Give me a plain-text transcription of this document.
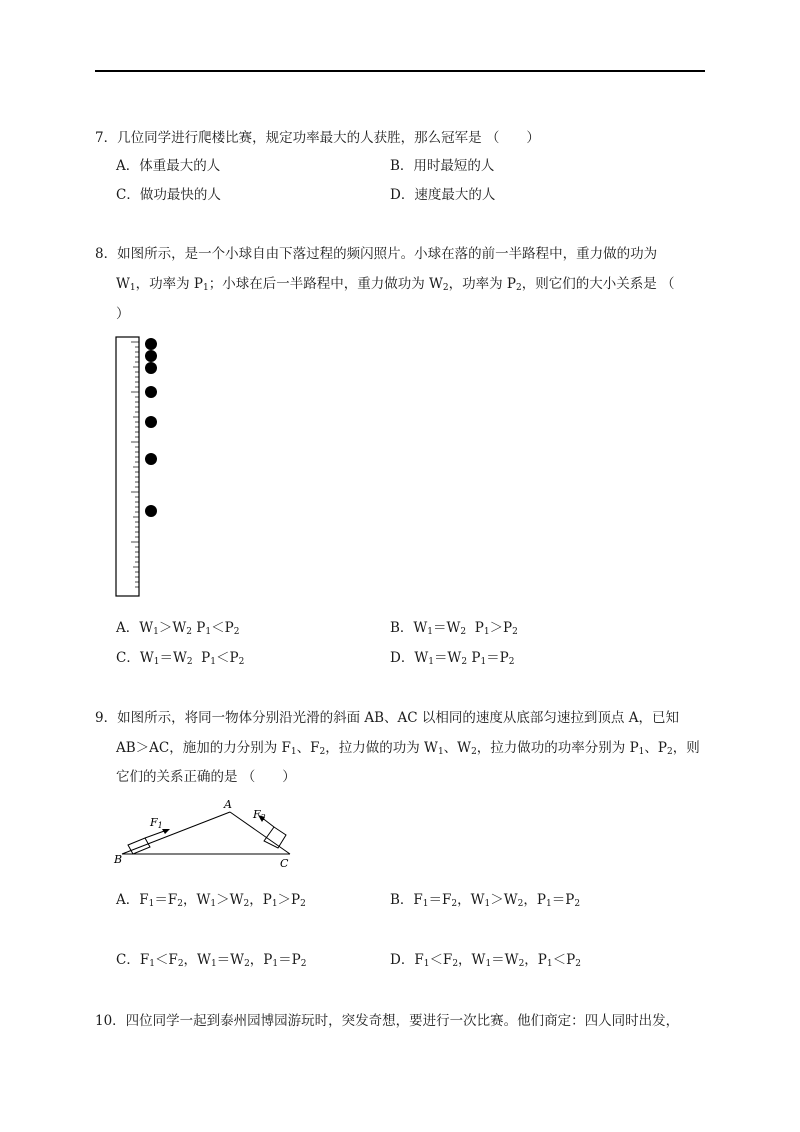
7．几位同学进行爬楼比赛，规定功率最大的人获胜，那么冠军是 （　　）
A．体重最大的人	B．用时最短的人
C．做功最快的人	D．速度最大的人
8．如图所示，是一个小球自由下落过程的频闪照片。小球在落的前一半路程中，重力做的功为
$W_1$，功率为 $P_1$；小球在后一半路程中，重力做功为 $W_2$，功率为 $P_2$，则它们的大小关系是 （
）
A．$W_1>W_2$ $P_1<P_2$	B．$W_1=W_2$  $P_1>P_2$
C．$W_1=W_2$  $P_1<P_2$	D．$W_1=W_2$ $P_1=P_2$
9．如图所示，将同一物体分别沿光滑的斜面 AB、AC 以相同的速度从底部匀速拉到顶点 A，已知
AB＞AC，施加的力分别为 $F_1$、$F_2$，拉力做的功为 $W_1$、$W_2$，拉力做功的功率分别为 $P_1$、$P_2$，则
它们的关系正确的是 （　　）
A
B	C
F1
F2
A．$F_1=F_2$，$W_1>W_2$，$P_1>P_2$	B．$F_1=F_2$，$W_1>W_2$，$P_1=P_2$
C．$F_1<F_2$，$W_1=W_2$，$P_1=P_2$	D．$F_1<F_2$，$W_1=W_2$，$P_1<P_2$
10．四位同学一起到泰州园博园游玩时，突发奇想，要进行一次比赛。他们商定：四人同时出发，
